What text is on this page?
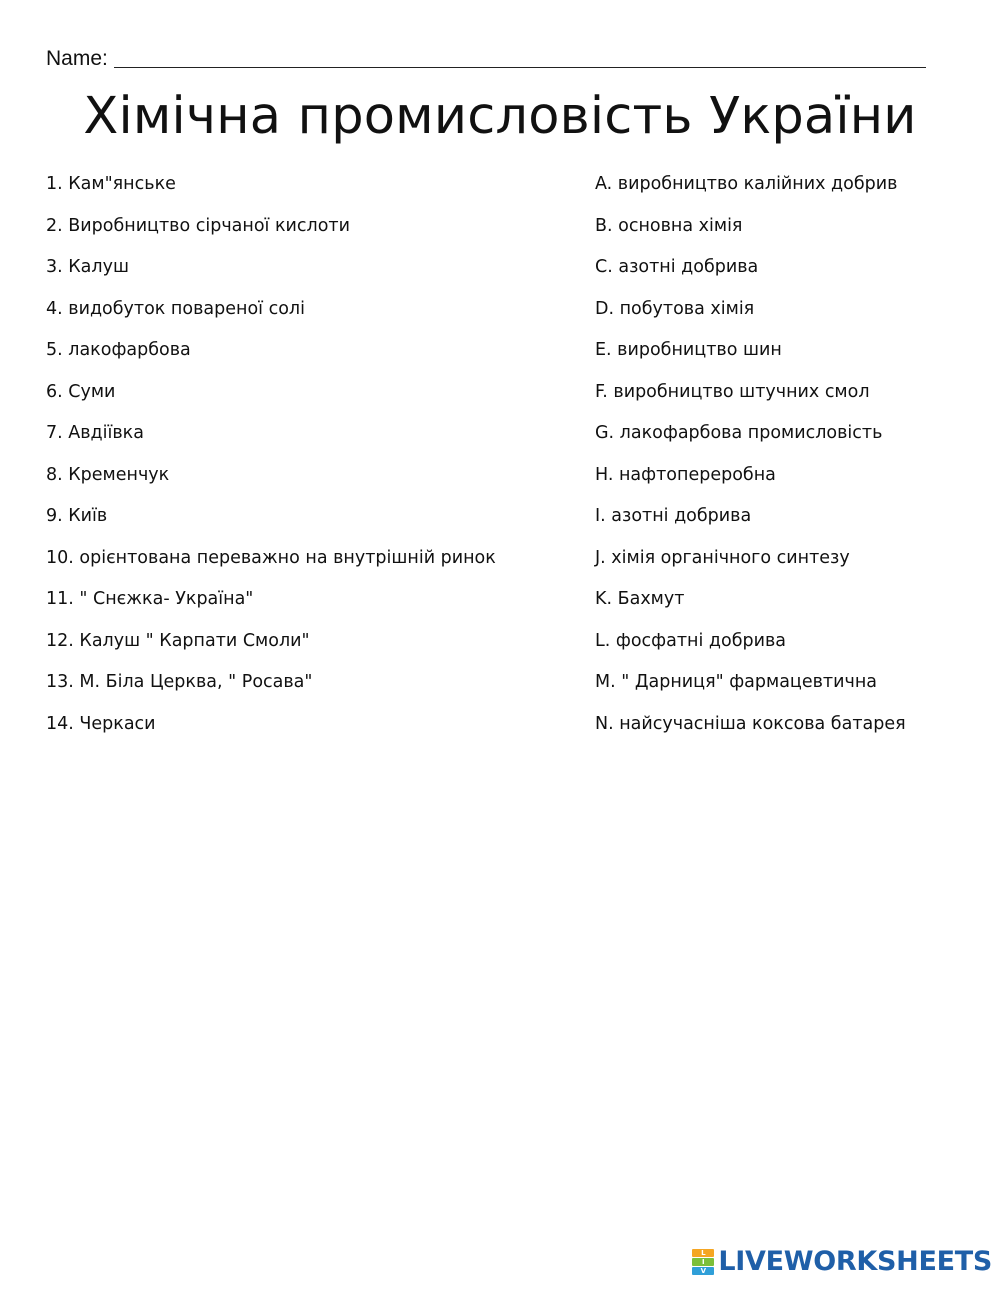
Name:
Хімічна промисловість України
1. Кам"янське
2. Виробництво сірчаної кислоти
3. Калуш
4. видобуток повареної солі
5. лакофарбова
6. Суми
7. Авдіївка
8. Кременчук
9. Київ
10. орієнтована переважно на внутрішній ринок
11. " Снєжка- Україна"
12. Калуш " Карпати Смоли"
13. М. Біла Церква, " Росава"
14. Черкаси
A. виробництво калійних добрив
B. основна хімія
C. азотні добрива
D. побутова хімія
E. виробництво шин
F. виробництво штучних смол
G. лакофарбова промисловість
H. нафтопереробна
I. азотні добрива
J. хімія органічного синтезу
K. Бахмут
L. фосфатні добрива
M. " Дарниця" фармацевтична
N. найсучасніша коксова батарея
L
I
V LIVEWORKSHEETS
